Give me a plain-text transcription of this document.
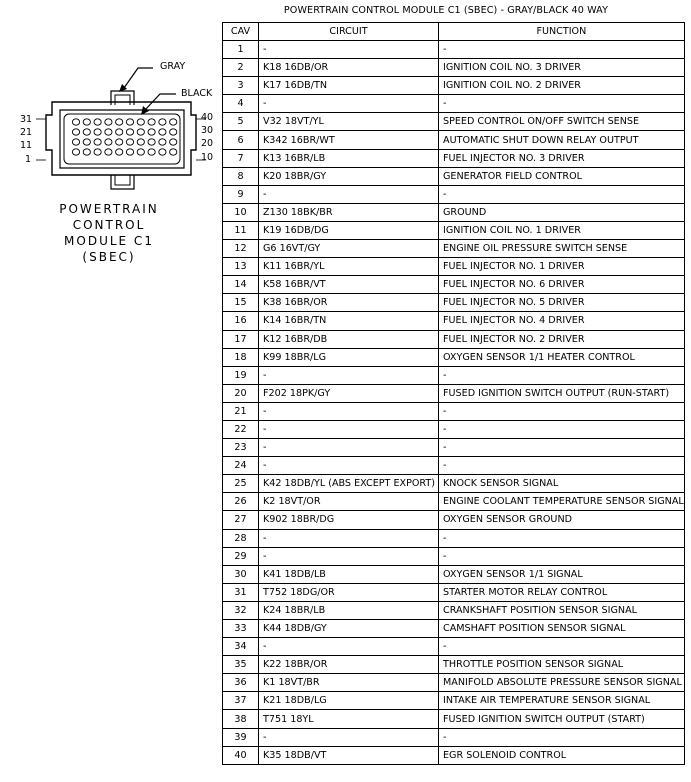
POWERTRAIN CONTROL MODULE C1 (SBEC) - GRAY/BLACK 40 WAY
GRAY
BLACK
31
21
11
1
40
30
20
10
POWERTRAIN
CONTROL
MODULE C1
(SBEC)
CAV	CIRCUIT	FUNCTION
1	-	-
2	K18 16DB/OR	IGNITION COIL NO. 3 DRIVER
3	K17 16DB/TN	IGNITION COIL NO. 2 DRIVER
4	-	-
5	V32 18VT/YL	SPEED CONTROL ON/OFF SWITCH SENSE
6	K342 16BR/WT	AUTOMATIC SHUT DOWN RELAY OUTPUT
7	K13 16BR/LB	FUEL INJECTOR NO. 3 DRIVER
8	K20 18BR/GY	GENERATOR FIELD CONTROL
9	-	-
10	Z130 18BK/BR	GROUND
11	K19 16DB/DG	IGNITION COIL NO. 1 DRIVER
12	G6 16VT/GY	ENGINE OIL PRESSURE SWITCH SENSE
13	K11 16BR/YL	FUEL INJECTOR NO. 1 DRIVER
14	K58 16BR/VT	FUEL INJECTOR NO. 6 DRIVER
15	K38 16BR/OR	FUEL INJECTOR NO. 5 DRIVER
16	K14 16BR/TN	FUEL INJECTOR NO. 4 DRIVER
17	K12 16BR/DB	FUEL INJECTOR NO. 2 DRIVER
18	K99 18BR/LG	OXYGEN SENSOR 1/1 HEATER CONTROL
19	-	-
20	F202 18PK/GY	FUSED IGNITION SWITCH OUTPUT (RUN-START)
21	-	-
22	-	-
23	-	-
24	-	-
25	K42 18DB/YL (ABS EXCEPT EXPORT)	KNOCK SENSOR SIGNAL
26	K2 18VT/OR	ENGINE COOLANT TEMPERATURE SENSOR SIGNAL
27	K902 18BR/DG	OXYGEN SENSOR GROUND
28	-	-
29	-	-
30	K41 18DB/LB	OXYGEN SENSOR 1/1 SIGNAL
31	T752 18DG/OR	STARTER MOTOR RELAY CONTROL
32	K24 18BR/LB	CRANKSHAFT POSITION SENSOR SIGNAL
33	K44 18DB/GY	CAMSHAFT POSITION SENSOR SIGNAL
34	-	-
35	K22 18BR/OR	THROTTLE POSITION SENSOR SIGNAL
36	K1 18VT/BR	MANIFOLD ABSOLUTE PRESSURE SENSOR SIGNAL
37	K21 18DB/LG	INTAKE AIR TEMPERATURE SENSOR SIGNAL
38	T751 18YL	FUSED IGNITION SWITCH OUTPUT (START)
39	-	-
40	K35 18DB/VT	EGR SOLENOID CONTROL
